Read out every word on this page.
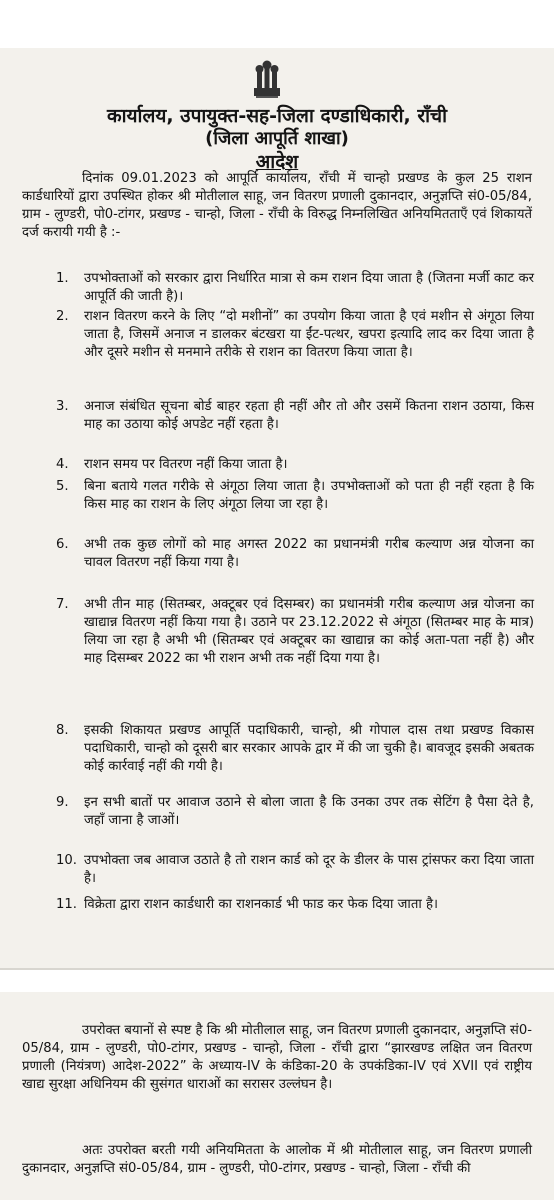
कार्यालय, उपायुक्त-सह-जिला दण्डाधिकारी, राँची
(जिला आपूर्ति शाखा)
आदेश
दिनांक 09.01.2023 को आपूर्ति कार्यालय, राँची में चान्हो प्रखण्ड के कुल 25 राशन कार्डधारियों द्वारा उपस्थित होकर श्री मोतीलाल साहू, जन वितरण प्रणाली दुकानदार, अनुज्ञप्ति सं0-05/84, ग्राम - लुण्डरी, पो0-टांगर, प्रखण्ड - चान्हो, जिला - राँची के विरुद्ध निम्नलिखित अनियमितताएँ एवं शिकायतें दर्ज करायी गयी है :-
1.	उपभोक्ताओं को सरकार द्वारा निर्धारित मात्रा से कम राशन दिया जाता है (जितना मर्जी काट कर आपूर्ति की जाती है)।
2.	राशन वितरण करने के लिए “दो मशीनों” का उपयोग किया जाता है एवं मशीन से अंगूठा लिया जाता है, जिसमें अनाज न डालकर बंटखरा या ईंट-पत्थर, खपरा इत्यादि लाद कर दिया जाता है और दूसरे मशीन से मनमाने तरीके से राशन का वितरण किया जाता है।
3.	अनाज संबंधित सूचना बोर्ड बाहर रहता ही नहीं और तो और उसमें कितना राशन उठाया, किस माह का उठाया कोई अपडेट नहीं रहता है।
4.	राशन समय पर वितरण नहीं किया जाता है।
5.	बिना बताये गलत गरीके से अंगूठा लिया जाता है। उपभोक्ताओं को पता ही नहीं रहता है कि किस माह का राशन के लिए अंगूठा लिया जा रहा है।
6.	अभी तक कुछ लोगों को माह अगस्त 2022 का प्रधानमंत्री गरीब कल्याण अन्न योजना का चावल वितरण नहीं किया गया है।
7.	अभी तीन माह (सितम्बर, अक्टूबर एवं दिसम्बर) का प्रधानमंत्री गरीब कल्याण अन्न योजना का खाद्यान्न वितरण नहीं किया गया है। उठाने पर 23.12.2022 से अंगूठा (सितम्बर माह के मात्र) लिया जा रहा है अभी भी (सितम्बर एवं अक्टूबर का खाद्यान्न का कोई अता-पता नहीं है) और माह दिसम्बर 2022 का भी राशन अभी तक नहीं दिया गया है।
8.	इसकी शिकायत प्रखण्ड आपूर्ति पदाधिकारी, चान्हो, श्री गोपाल दास तथा प्रखण्ड विकास पदाधिकारी, चान्हो को दूसरी बार सरकार आपके द्वार में की जा चुकी है। बावजूद इसकी अबतक कोई कार्रवाई नहीं की गयी है।
9.	इन सभी बातों पर आवाज उठाने से बोला जाता है कि उनका उपर तक सेटिंग है पैसा देते है, जहाँ जाना है जाओं।
10. उपभोक्ता जब आवाज उठाते है तो राशन कार्ड को दूर के डीलर के पास ट्रांसफर करा दिया जाता है।
11. विक्रेता द्वारा राशन कार्डधारी का राशनकार्ड भी फाड कर फेक दिया जाता है।
उपरोक्त बयानों से स्पष्ट है कि श्री मोतीलाल साहू, जन वितरण प्रणाली दुकानदार, अनुज्ञप्ति सं0-05/84, ग्राम - लुण्डरी, पो0-टांगर, प्रखण्ड - चान्हो, जिला - राँची द्वारा “झारखण्ड लक्षित जन वितरण प्रणाली (नियंत्रण) आदेश-2022” के अध्याय-IV के कंडिका-20 के उपकंडिका-IV एवं XVII एवं राष्ट्रीय खाद्य सुरक्षा अधिनियम की सुसंगत धाराओं का सरासर उल्लंघन है।
अतः उपरोक्त बरती गयी अनियमितता के आलोक में श्री मोतीलाल साहू, जन वितरण प्रणाली दुकानदार, अनुज्ञप्ति सं0-05/84, ग्राम - लुण्डरी, पो0-टांगर, प्रखण्ड - चान्हो, जिला - राँची की
